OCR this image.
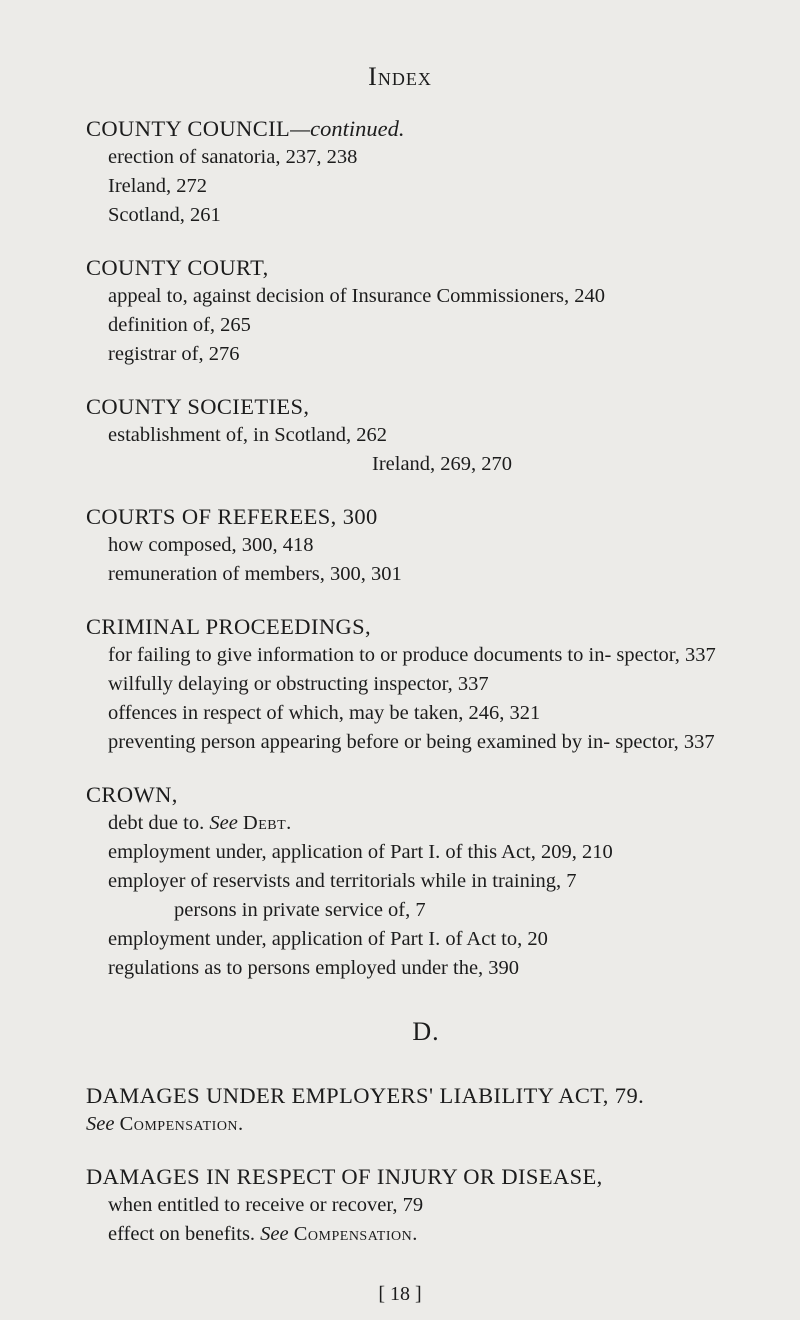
Index
COUNTY COUNCIL—continued.
erection of sanatoria, 237, 238
Ireland, 272
Scotland, 261
COUNTY COURT,
appeal to, against decision of Insurance Commissioners, 240
definition of, 265
registrar of, 276
COUNTY SOCIETIES,
establishment of, in Scotland, 262
Ireland, 269, 270
COURTS OF REFEREES, 300
how composed, 300, 418
remuneration of members, 300, 301
CRIMINAL PROCEEDINGS,
for failing to give information to or produce documents to in- spector, 337
wilfully delaying or obstructing inspector, 337
offences in respect of which, may be taken, 246, 321
preventing person appearing before or being examined by in- spector, 337
CROWN,
debt due to. See Debt.
employment under, application of Part I. of this Act, 209, 210
employer of reservists and territorials while in training, 7
persons in private service of, 7
employment under, application of Part I. of Act to, 20
regulations as to persons employed under the, 390
D.
DAMAGES UNDER EMPLOYERS' LIABILITY ACT, 79.
See Compensation.
DAMAGES IN RESPECT OF INJURY OR DISEASE,
when entitled to receive or recover, 79
effect on benefits. See Compensation.
[ 18 ]
